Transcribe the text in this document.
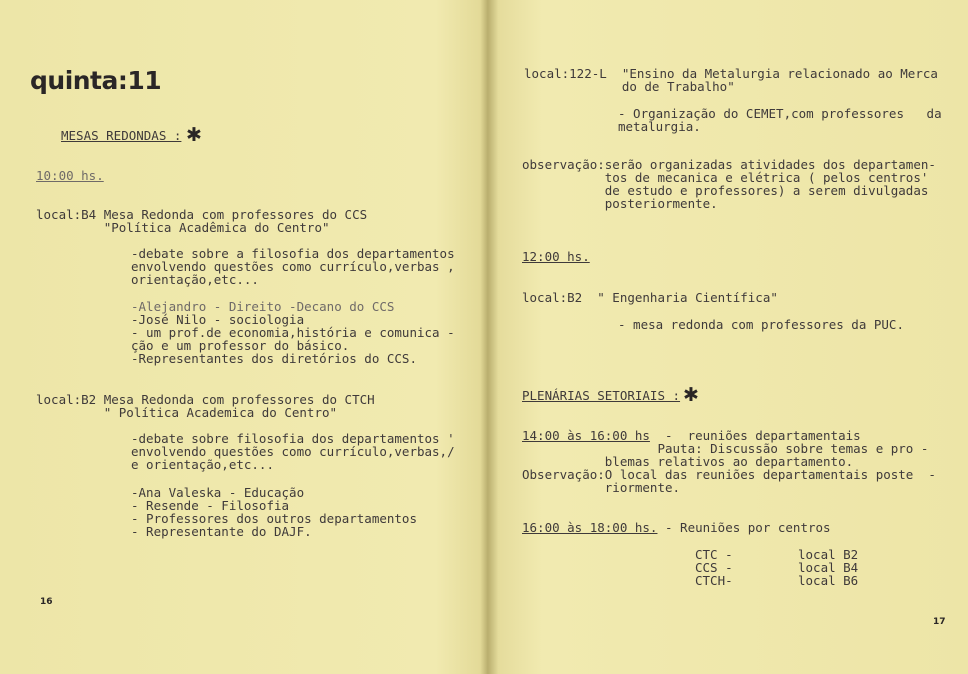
quinta:11

MESAS REDONDAS : ✱

10:00 hs.

local:B4 Mesa Redonda com professores do CCS

"Política Acadêmica do Centro"

-debate sobre a filosofia dos departamentos

envolvendo questões como currículo,verbas ,

orientação,etc...

-Alejandro - Direito -Decano do CCS

-José Nilo - sociologia

- um prof.de economia,história e comunica -

ção e um professor do básico.

-Representantes dos diretórios do CCS.

local:B2 Mesa Redonda com professores do CTCH

" Política Academica do Centro"

-debate sobre filosofia dos departamentos '

envolvendo questões como currículo,verbas,/

e orientação,etc...

-Ana Valeska - Educação

- Resende - Filosofia

- Professores dos outros departamentos

- Representante do DAJF.

16

local:122-L  "Ensino da Metalurgia relacionado ao Merca

do de Trabalho"

- Organização do CEMET,com professores   da

metalurgia.

observação:serão organizadas atividades dos departamen-

tos de mecanica e elétrica ( pelos centros'

de estudo e professores) a serem divulgadas

posteriormente.

12:00 hs.

local:B2  " Engenharia Científica"

- mesa redonda com professores da PUC.

PLENÁRIAS SETORIAIS : ✱

14:00 às 16:00 hs  -  reuniões departamentais

Pauta: Discussão sobre temas e pro -

blemas relativos ao departamento.

Observação:O local das reuniões departamentais poste  -

riormente.

16:00 às 18:00 hs. - Reuniões por centros

CTC -	local B2

CCS -	local B4

CTCH-	local B6

17
